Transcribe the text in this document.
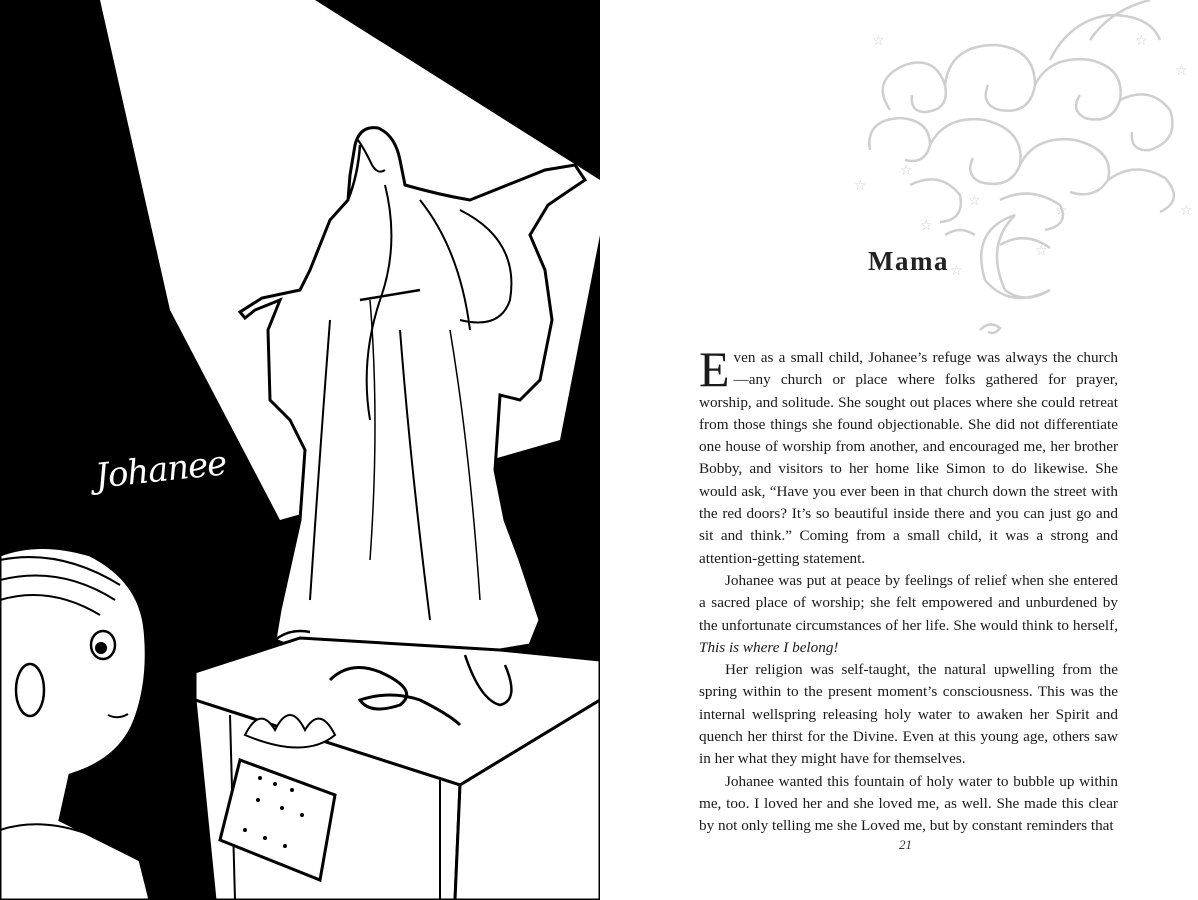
Johanee
☆
☆
☆
☆
☆
☆
☆
☆
☆
☆
☆
Mama

Even as a small child, Johanee’s refuge was always the church—any church or place where folks gathered for prayer, worship, and solitude. She sought out places where she could retreat from those things she found objectionable. She did not differentiate one house of worship from another, and encouraged me, her brother Bobby, and visitors to her home like Simon to do likewise. She would ask, “Have you ever been in that church down the street with the red doors? It’s so beautiful inside there and you can just go and sit and think.” Coming from a small child, it was a strong and attention-getting statement.

Johanee was put at peace by feelings of relief when she entered a sacred place of worship; she felt empowered and unburdened by the unfortunate circumstances of her life. She would think to herself, This is where I belong!

Her religion was self-taught, the natural upwelling from the spring within to the present moment’s consciousness. This was the internal wellspring releasing holy water to awaken her Spirit and quench her thirst for the Divine. Even at this young age, others saw in her what they might have for themselves.

Johanee wanted this fountain of holy water to bubble up within me, too. I loved her and she loved me, as well. She made this clear by not only telling me she Loved me, but by constant reminders that

21
